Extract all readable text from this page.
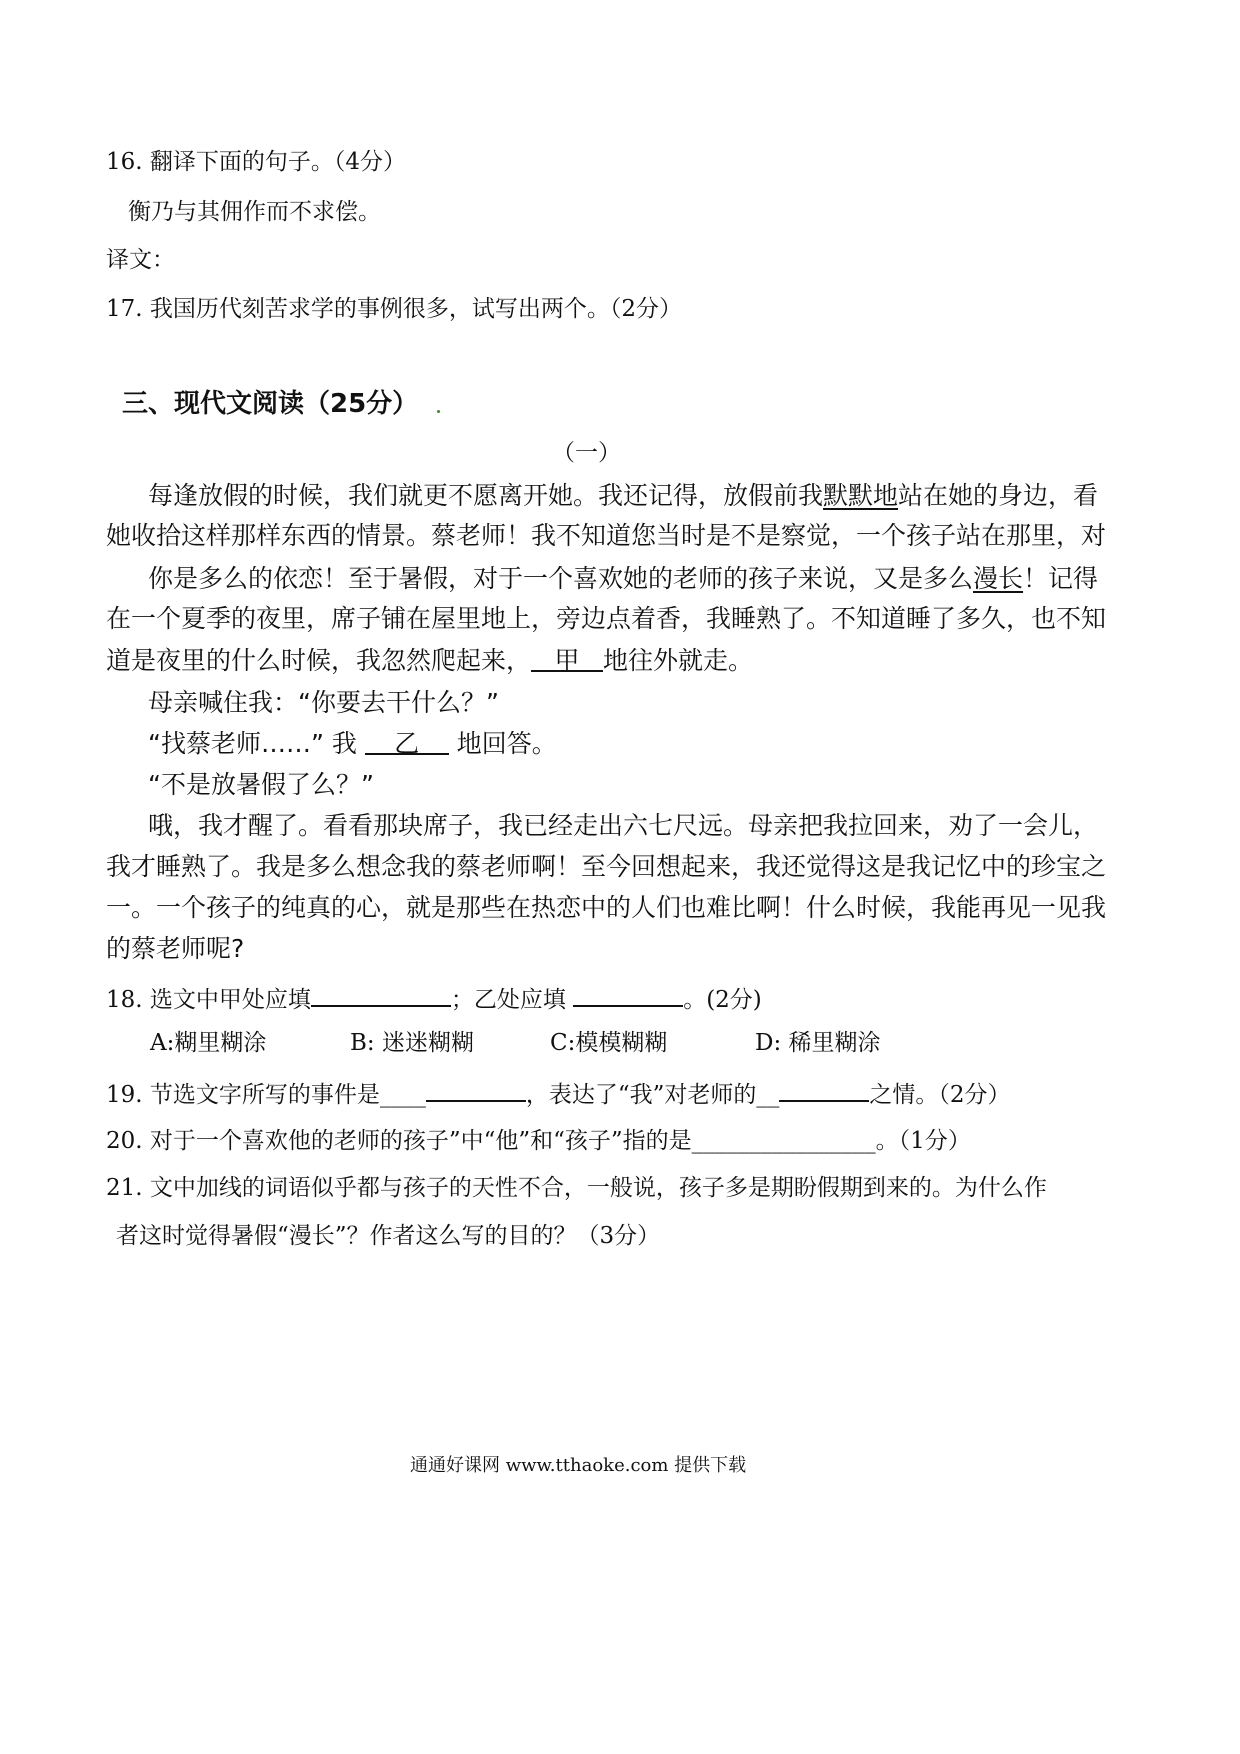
16. 翻译下面的句子。（4分）
衡乃与其佣作而不求偿。
译文：
17. 我国历代刻苦求学的事例很多，试写出两个。（2分）
三、现代文阅读（25分）
（一）
每逢放假的时候，我们就更不愿离开她。我还记得，放假前我默默地站在她的身边，看
她收拾这样那样东西的情景。蔡老师！我不知道您当时是不是察觉，一个孩子站在那里，对
你是多么的依恋！至于暑假，对于一个喜欢她的老师的孩子来说，又是多么漫长！记得
在一个夏季的夜里，席子铺在屋里地上，旁边点着香，我睡熟了。不知道睡了多久，也不知
道是夜里的什么时候，我忽然爬起来， 甲 地往外就走。
母亲喊住我：“你要去干什么？”
“找蔡老师……” 我 乙 地回答。
“不是放暑假了么？”
哦，我才醒了。看看那块席子，我已经走出六七尺远。母亲把我拉回来，劝了一会儿，
我才睡熟了。我是多么想念我的蔡老师啊！至今回想起来，我还觉得这是我记忆中的珍宝之
一。一个孩子的纯真的心，就是那些在热恋中的人们也难比啊！什么时候，我能再见一见我
的蔡老师呢?
18. 选文中甲处应填	；乙处应填	。(2分)
A:糊里糊涂	B: 迷迷糊糊	C:模模糊糊	D: 稀里糊涂
19. 节选文字所写的事件是____	，表达了“我”对老师的__	之情。（2分）
20. 对于一个喜欢他的老师的孩子”中“他”和“孩子”指的是________________。（1分）
21. 文中加线的词语似乎都与孩子的天性不合，一般说，孩子多是期盼假期到来的。为什么作
者这时觉得暑假“漫长”？作者这么写的目的？（3分）
通通好课网 www.tthaoke.com 提供下载
